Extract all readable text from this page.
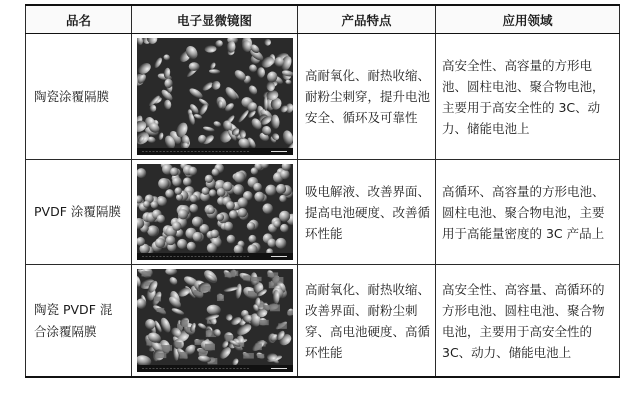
品名	电子显微镜图	产品特点	应用领域
陶瓷涂覆隔膜		高耐氧化、耐热收缩、耐粉尘刺穿，提升电池安全、循环及可靠性	高安全性、高容量的方形电池、圆柱电池、聚合物电池，主要用于高安全性的 3C、动力、储能电池上
PVDF 涂覆隔膜		吸电解液、改善界面、提高电池硬度、改善循环性能	高循环、高容量的方形电池、圆柱电池、聚合物电池，主要用于高能量密度的 3C 产品上
陶瓷 PVDF 混合涂覆隔膜		高耐氧化、耐热收缩、改善界面、耐粉尘刺穿、高电池硬度、高循环性能	高安全性、高容量、高循环的方形电池、圆柱电池、聚合物电池，主要用于高安全性的 3C、动力、储能电池上
